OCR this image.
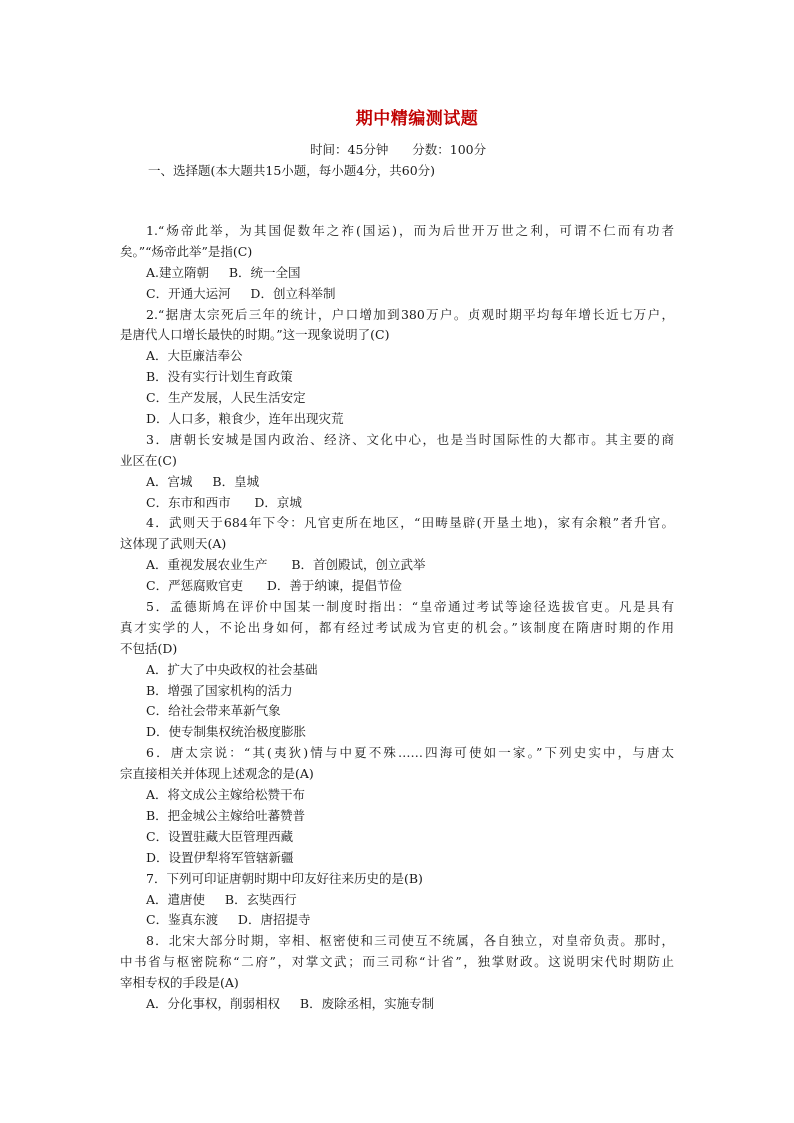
期中精编测试题
时间：45分钟      分数：100分
一、选择题(本大题共15小题，每小题4分，共60分)
1.“炀帝此举，为其国促数年之祚(国运)，而为后世开万世之利，可谓不仁而有功者
矣。”“炀帝此举”是指(C)
A.建立隋朝     B．统一全国
C．开通大运河     D．创立科举制
2.“据唐太宗死后三年的统计，户口增加到380万户。贞观时期平均每年增长近七万户，
是唐代人口增长最快的时期。”这一现象说明了(C)
A．大臣廉洁奉公
B．没有实行计划生育政策
C．生产发展，人民生活安定
D．人口多，粮食少，连年出现灾荒
3．唐朝长安城是国内政治、经济、文化中心，也是当时国际性的大都市。其主要的商
业区在(C)
A．宫城     B．皇城
C．东市和西市      D．京城
4．武则天于684年下令：凡官吏所在地区，“田畴垦辟(开垦土地)，家有余粮”者升官。
这体现了武则天(A)
A．重视发展农业生产      B．首创殿试，创立武举
C．严惩腐败官吏      D．善于纳谏，提倡节俭
5．孟德斯鸠在评价中国某一制度时指出：“皇帝通过考试等途径选拔官吏。凡是具有
真才实学的人，不论出身如何，都有经过考试成为官吏的机会。”该制度在隋唐时期的作用
不包括(D)
A．扩大了中央政权的社会基础
B．增强了国家机构的活力
C．给社会带来革新气象
D．使专制集权统治极度膨胀
6．唐太宗说：“其(夷狄)情与中夏不殊……四海可使如一家。”下列史实中，与唐太
宗直接相关并体现上述观念的是(A)
A．将文成公主嫁给松赞干布
B．把金城公主嫁给吐蕃赞普
C．设置驻藏大臣管理西藏
D．设置伊犁将军管辖新疆
7．下列可印证唐朝时期中印友好往来历史的是(B)
A．遣唐使     B．玄奘西行
C．鉴真东渡     D．唐招提寺
8．北宋大部分时期，宰相、枢密使和三司使互不统属，各自独立，对皇帝负责。那时，
中书省与枢密院称“二府”，对掌文武；而三司称“计省”，独掌财政。这说明宋代时期防止
宰相专权的手段是(A)
A．分化事权，削弱相权     B．废除丞相，实施专制
